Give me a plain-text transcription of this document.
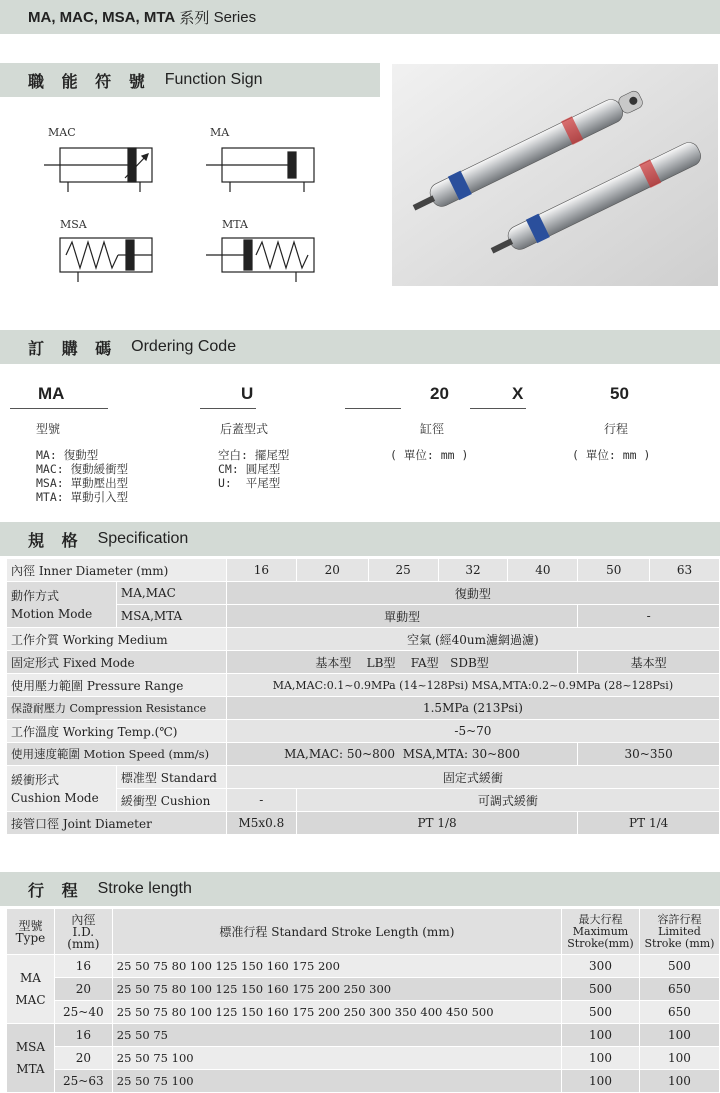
MA, MAC, MSA, MTA
系列
Series
職 能 符 號 Function Sign
MAC	MA
MSA	MTA
訂 購 碼 Ordering Code
MA	U	20	X	50
型號	后蓋型式	缸徑	行程
MA: 復動型
MAC: 復動緩衝型
MSA: 單動壓出型
MTA: 單動引入型
空白: 擺尾型
CM: 圓尾型
U:  平尾型
( 單位: mm )	( 單位: mm )
規 格 Specification
內徑 Inner Diameter (mm)		16	20	25	32	40	50	63

動作方式
Motion Mode	MA,MAC	復動型						
	MSA,MTA	單動型					-	
工作介質 Working Medium		空氣 (經40um濾網過濾)						
固定形式 Fixed Mode		基本型    LB型    FA型   SDB型					基本型	
使用壓力範圍 Pressure Range		MA,MAC:0.1~0.9MPa (14~128Psi) MSA,MTA:0.2~0.9MPa (28~128Psi)						
保證耐壓力 Compression Resistance		1.5MPa (213Psi)						
工作溫度 Working Temp.(℃)		-5~70						
使用速度範圍 Motion Speed (mm/s)		MA,MAC: 50~800  MSA,MTA: 30~800					30~350	

緩衝形式
Cushion Mode	標准型 Standard	固定式緩衝						
	緩衝型 Cushion	-	可調式緩衝					
接管口徑 Joint Diameter		M5x0.8	PT 1/8				PT 1/4	
行 程 Stroke length
型號
Type	內徑
I.D.
(mm)	標准行程 Standard Stroke Length (mm)	最大行程
Maximum
Stroke(mm)	容許行程
Limited
Stroke (mm)
MA
MAC	16	25 50 75 80 100 125 150 160 175 200	300	500
	20	25 50 75 80 100 125 150 160 175 200 250 300	500	650
	25~40	25 50 75 80 100 125 150 160 175 200 250 300 350 400 450 500	500	650
MSA
MTA	16	25 50 75	100	100
	20	25 50 75 100	100	100
	25~63	25 50 75 100	100	100
